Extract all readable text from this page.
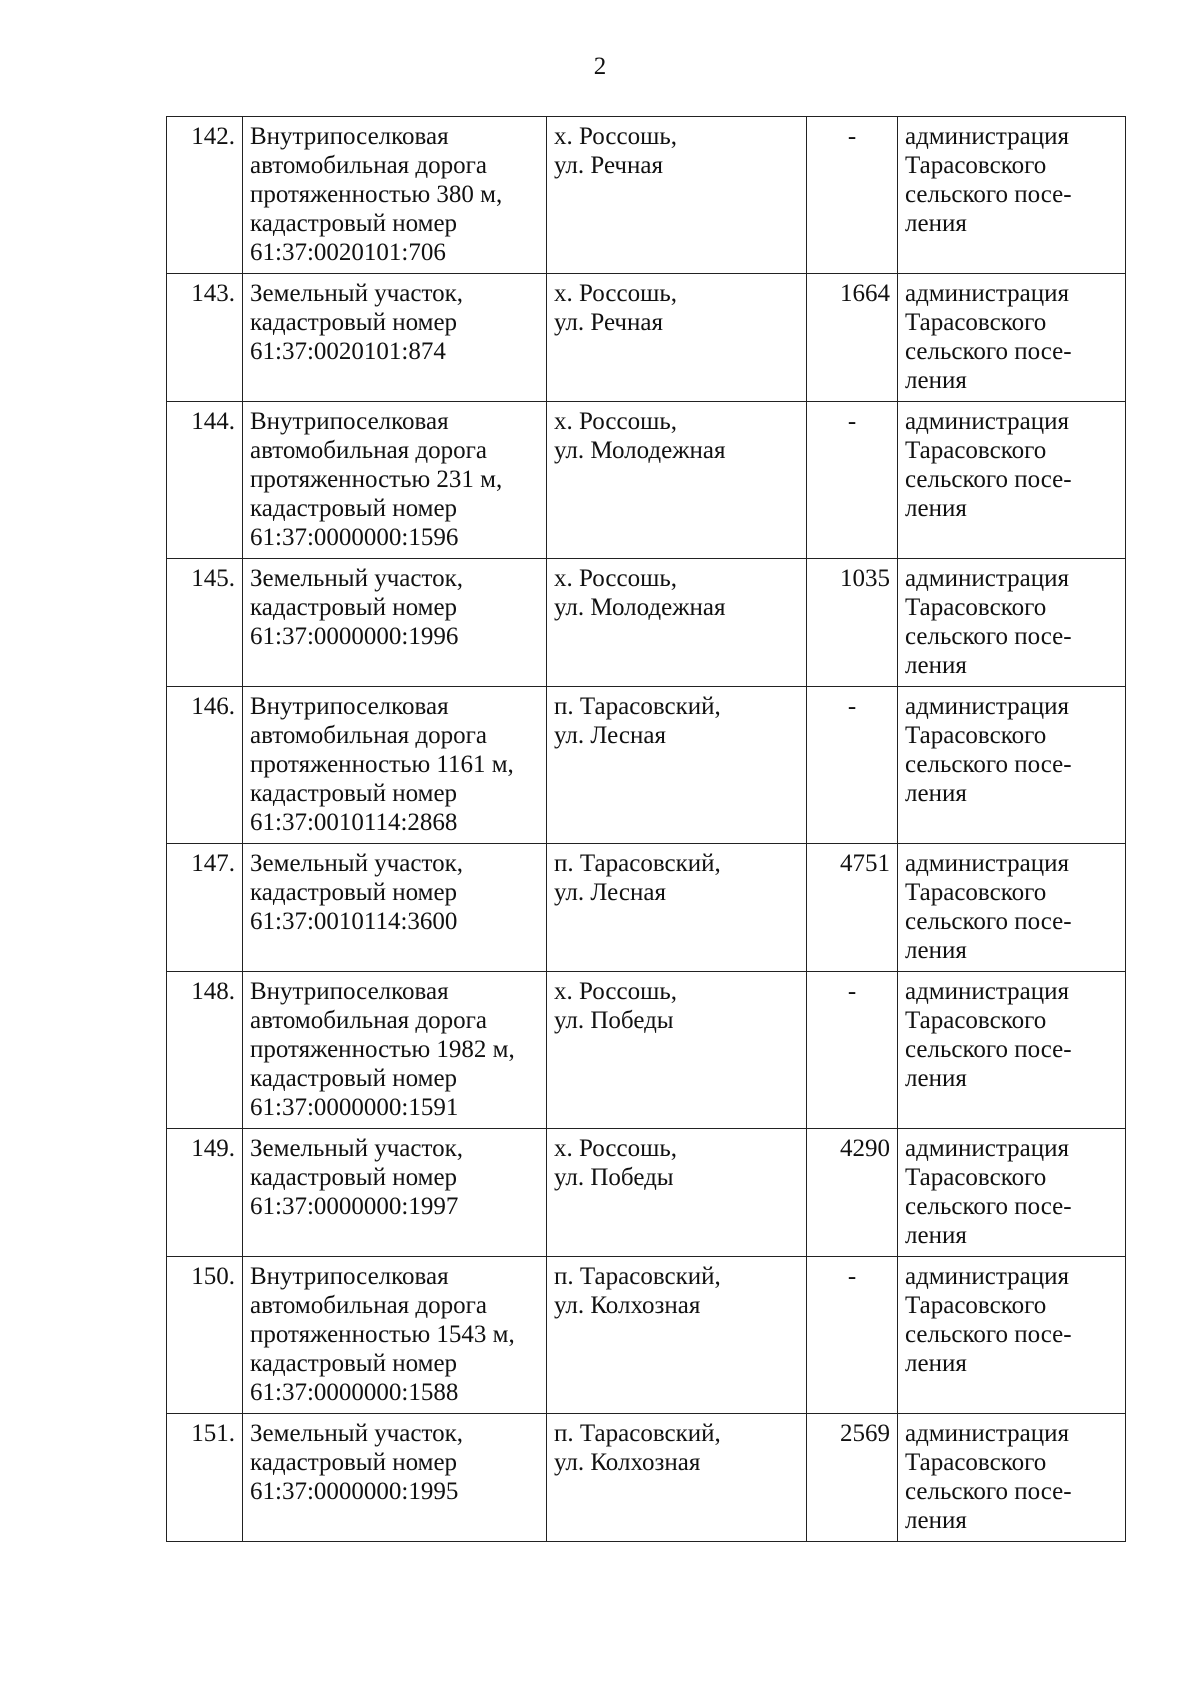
2
142.	Внутрипоселковая
автомобильная дорога
протяженностью 380 м,
кадастровый номер
61:37:0020101:706	х. Россошь,
ул. Речная	-	администрация
Тарасовского
сельского посе-
ления

143.	Земельный участок,
кадастровый номер
61:37:0020101:874	х. Россошь,
ул. Речная	1664	администрация
Тарасовского
сельского посе-
ления

144.	Внутрипоселковая
автомобильная дорога
протяженностью 231 м,
кадастровый номер
61:37:0000000:1596	х. Россошь,
ул. Молодежная	-	администрация
Тарасовского
сельского посе-
ления

145.	Земельный участок,
кадастровый номер
61:37:0000000:1996	х. Россошь,
ул. Молодежная	1035	администрация
Тарасовского
сельского посе-
ления

146.	Внутрипоселковая
автомобильная дорога
протяженностью 1161 м,
кадастровый номер
61:37:0010114:2868	п. Тарасовский,
ул. Лесная	-	администрация
Тарасовского
сельского посе-
ления

147.	Земельный участок,
кадастровый номер
61:37:0010114:3600	п. Тарасовский,
ул. Лесная	4751	администрация
Тарасовского
сельского посе-
ления

148.	Внутрипоселковая
автомобильная дорога
протяженностью 1982 м,
кадастровый номер
61:37:0000000:1591	х. Россошь,
ул. Победы	-	администрация
Тарасовского
сельского посе-
ления

149.	Земельный участок,
кадастровый номер
61:37:0000000:1997	х. Россошь,
ул. Победы	4290	администрация
Тарасовского
сельского посе-
ления

150.	Внутрипоселковая
автомобильная дорога
протяженностью 1543 м,
кадастровый номер
61:37:0000000:1588	п. Тарасовский,
ул. Колхозная	-	администрация
Тарасовского
сельского посе-
ления

151.	Земельный участок,
кадастровый номер
61:37:0000000:1995	п. Тарасовский,
ул. Колхозная	2569	администрация
Тарасовского
сельского посе-
ления
